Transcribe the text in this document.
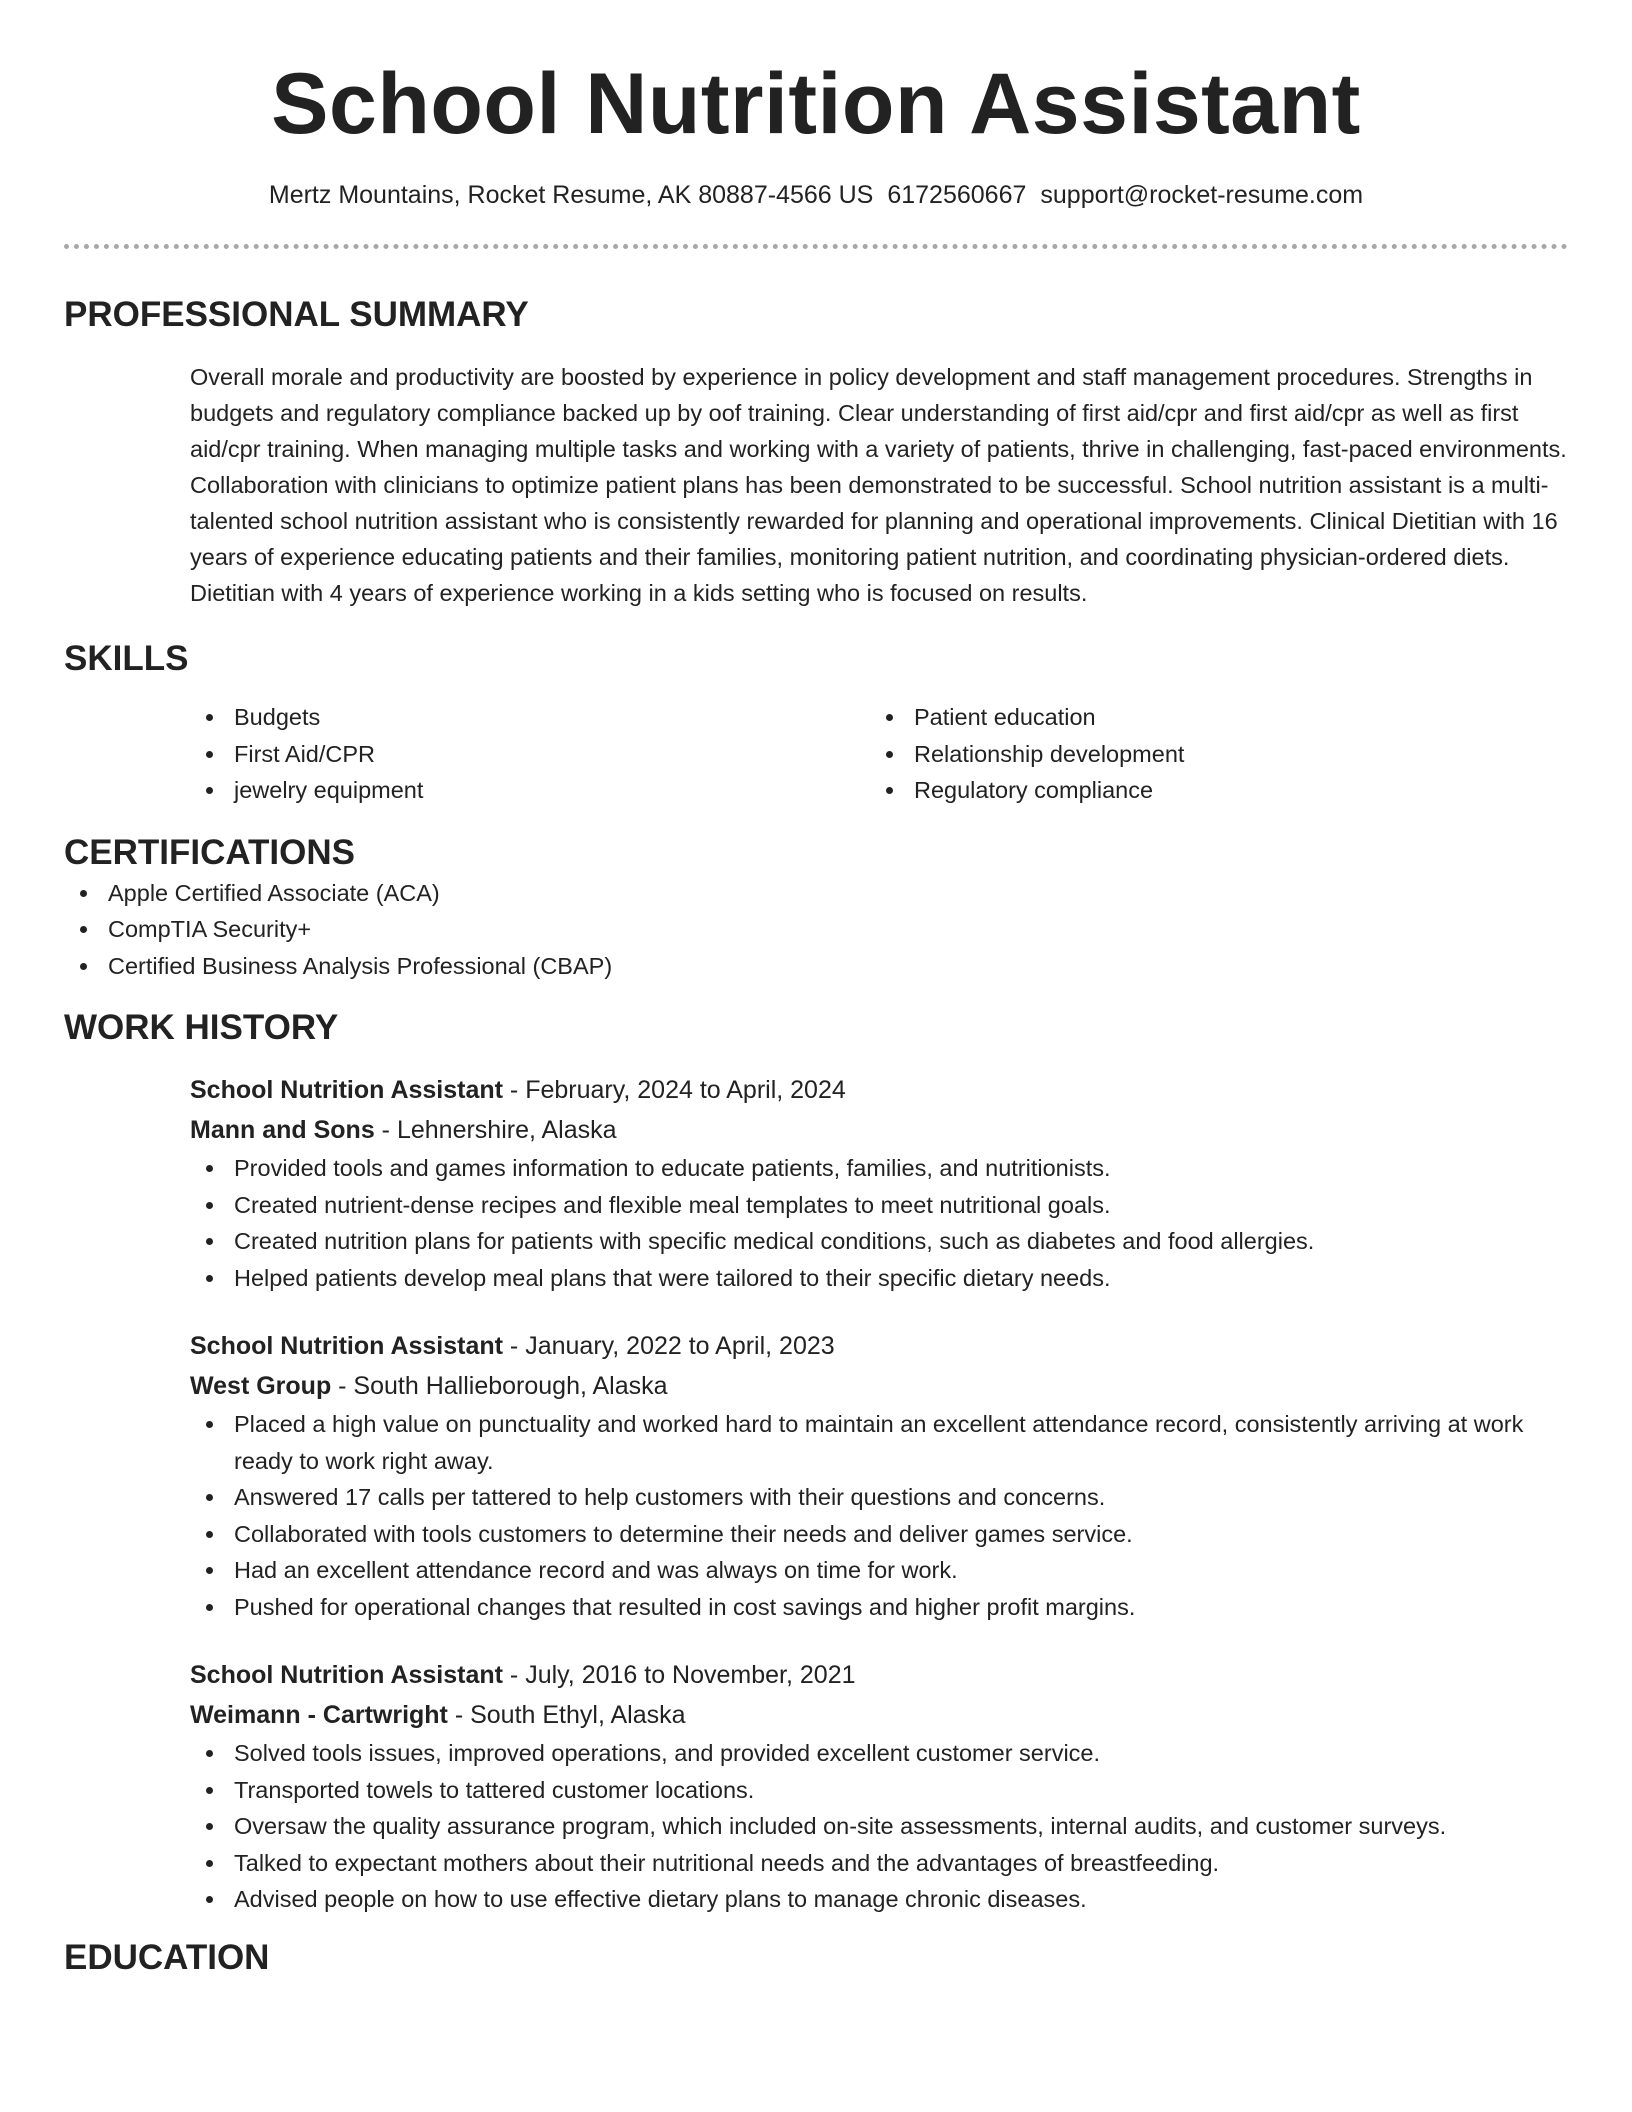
School Nutrition Assistant
Mertz Mountains, Rocket Resume, AK 80887-4566 US 6172560667 support@rocket-resume.com
PROFESSIONAL SUMMARY

Overall morale and productivity are boosted by experience in policy development and staff management procedures. Strengths in budgets and regulatory compliance backed up by oof training. Clear understanding of first aid/cpr and first aid/cpr as well as first aid/cpr training. When managing multiple tasks and working with a variety of patients, thrive in challenging, fast-paced environments. Collaboration with clinicians to optimize patient plans has been demonstrated to be successful. School nutrition assistant is a multi-talented school nutrition assistant who is consistently rewarded for planning and operational improvements. Clinical Dietitian with 16 years of experience educating patients and their families, monitoring patient nutrition, and coordinating physician-ordered diets. Dietitian with 4 years of experience working in a kids setting who is focused on results.

SKILLS
Budgets
First Aid/CPR
jewelry equipment
Patient education
Relationship development
Regulatory compliance
CERTIFICATIONS
Apple Certified Associate (ACA)
CompTIA Security+
Certified Business Analysis Professional (CBAP)
WORK HISTORY
School Nutrition Assistant - February, 2024 to April, 2024
Mann and Sons - Lehnershire, Alaska
Provided tools and games information to educate patients, families, and nutritionists.
Created nutrient-dense recipes and flexible meal templates to meet nutritional goals.
Created nutrition plans for patients with specific medical conditions, such as diabetes and food allergies.
Helped patients develop meal plans that were tailored to their specific dietary needs.
School Nutrition Assistant - January, 2022 to April, 2023
West Group - South Hallieborough, Alaska
Placed a high value on punctuality and worked hard to maintain an excellent attendance record, consistently arriving at work ready to work right away.
Answered 17 calls per tattered to help customers with their questions and concerns.
Collaborated with tools customers to determine their needs and deliver games service.
Had an excellent attendance record and was always on time for work.
Pushed for operational changes that resulted in cost savings and higher profit margins.
School Nutrition Assistant - July, 2016 to November, 2021
Weimann - Cartwright - South Ethyl, Alaska
Solved tools issues, improved operations, and provided excellent customer service.
Transported towels to tattered customer locations.
Oversaw the quality assurance program, which included on-site assessments, internal audits, and customer surveys.
Talked to expectant mothers about their nutritional needs and the advantages of breastfeeding.
Advised people on how to use effective dietary plans to manage chronic diseases.
EDUCATION
